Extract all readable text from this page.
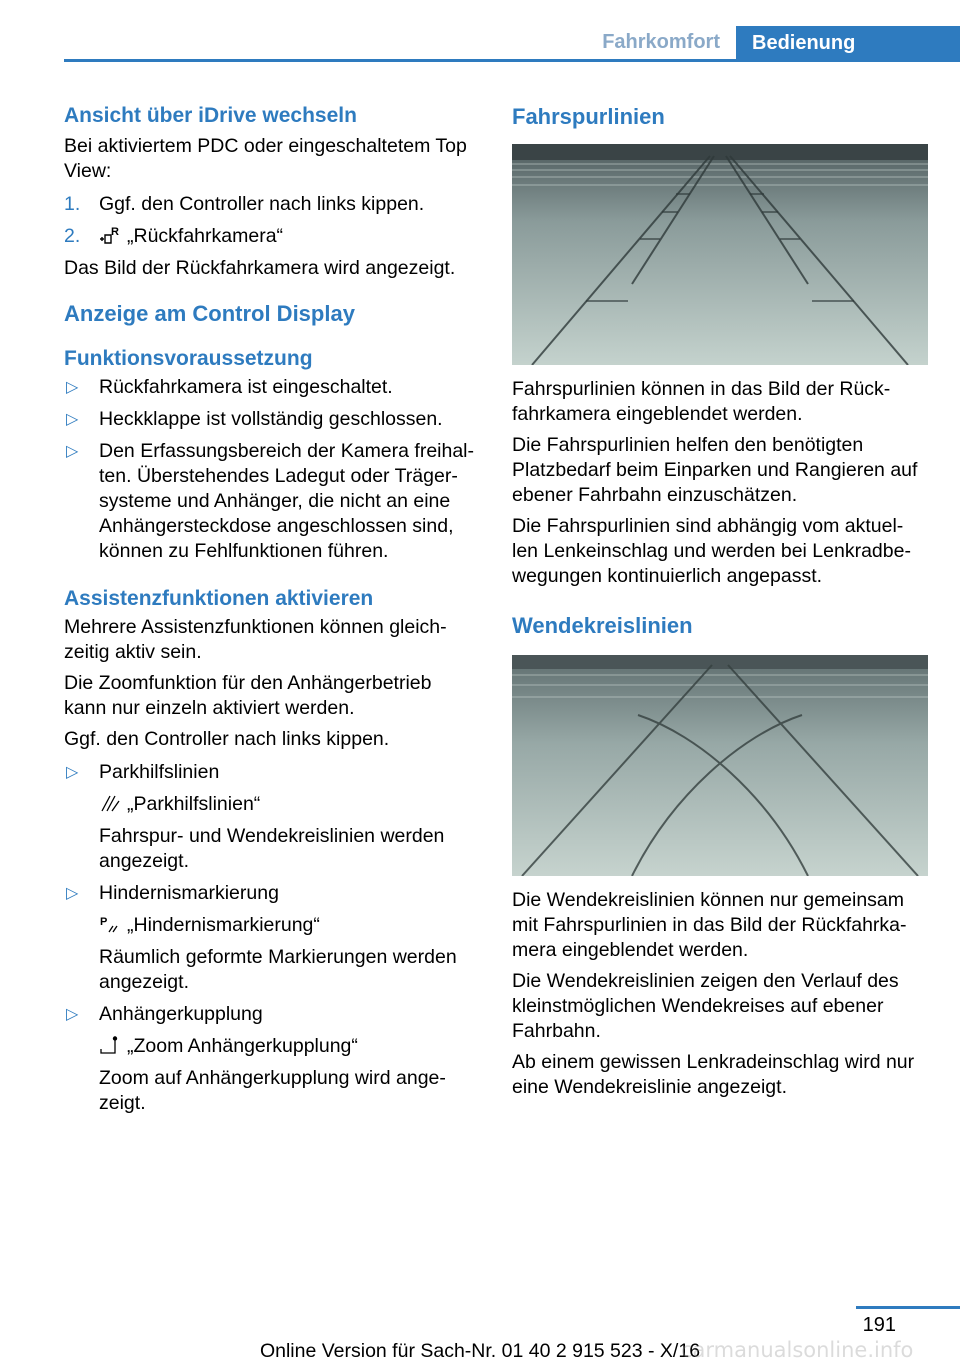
Fahrkomfort	Bedienung
Ansicht über iDrive wechseln

Bei aktiviertem PDC oder eingeschaltetem Top View:

1. Ggf. den Controller nach links kippen.
2.	R „Rückfahrkamera“

Das Bild der Rückfahrkamera wird angezeigt.

Anzeige am Control Display
Funktionsvoraussetzung
▷ Rückfahrkamera ist eingeschaltet.
▷ Heckklappe ist vollständig geschlossen.
▷ Den Erfassungsbereich der Kamera freihal-ten. Überstehendes Ladegut oder Träger-systeme und Anhänger, die nicht an eine Anhängersteckdose angeschlossen sind, können zu Fehlfunktionen führen.
Assistenzfunktionen aktivieren

Mehrere Assistenzfunktionen können gleich-zeitig aktiv sein.

Die Zoomfunktion für den Anhängerbetrieb kann nur einzeln aktiviert werden.

Ggf. den Controller nach links kippen.

▷ Parkhilfslinien
„Parkhilfslinien“
Fahrspur- und Wendekreislinien werden angezeigt.
▷ Hindernismarkierung
P „Hindernismarkierung“
Räumlich geformte Markierungen werden angezeigt.
▷ Anhängerkupplung
„Zoom Anhängerkupplung“
Zoom auf Anhängerkupplung wird ange-zeigt.
Fahrspurlinien

Fahrspurlinien können in das Bild der Rück-fahrkamera eingeblendet werden.

Die Fahrspurlinien helfen den benötigten Platzbedarf beim Einparken und Rangieren auf ebener Fahrbahn einzuschätzen.

Die Fahrspurlinien sind abhängig vom aktuel-len Lenkeinschlag und werden bei Lenkradbe-wegungen kontinuierlich angepasst.

Wendekreislinien

Die Wendekreislinien können nur gemeinsam mit Fahrspurlinien in das Bild der Rückfahrka-mera eingeblendet werden.

Die Wendekreislinien zeigen den Verlauf des kleinstmöglichen Wendekreises auf ebener Fahrbahn.

Ab einem gewissen Lenkradeinschlag wird nur eine Wendekreislinie angezeigt.

191
Online Version für Sach-Nr. 01 40 2 915 523 - X/16
carmanualsonline.info
